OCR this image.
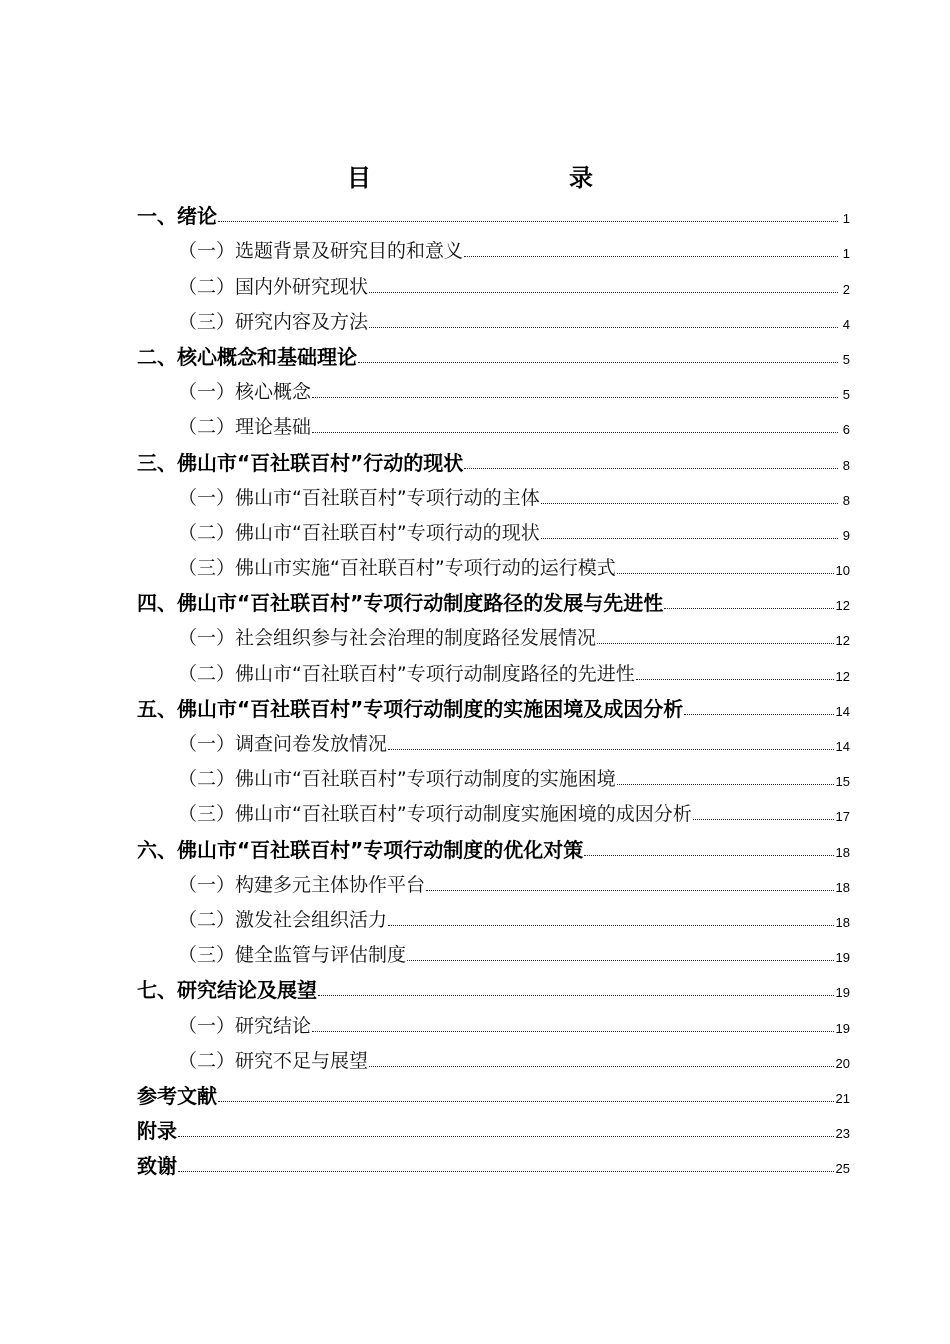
目　　录
一、绪论	1
（一）选题背景及研究目的和意义	1
（二）国内外研究现状	2
（三）研究内容及方法	4
二、核心概念和基础理论	5
（一）核心概念	5
（二）理论基础	6
三、佛山市“百社联百村”行动的现状	8
（一）佛山市“百社联百村”专项行动的主体	8
（二）佛山市“百社联百村”专项行动的现状	9
（三）佛山市实施“百社联百村”专项行动的运行模式	10
四、佛山市“百社联百村”专项行动制度路径的发展与先进性	12
（一）社会组织参与社会治理的制度路径发展情况	12
（二）佛山市“百社联百村”专项行动制度路径的先进性	12
五、佛山市“百社联百村”专项行动制度的实施困境及成因分析	14
（一）调查问卷发放情况	14
（二）佛山市“百社联百村”专项行动制度的实施困境	15
（三）佛山市“百社联百村”专项行动制度实施困境的成因分析	17
六、佛山市“百社联百村”专项行动制度的优化对策	18
（一）构建多元主体协作平台	18
（二）激发社会组织活力	18
（三）健全监管与评估制度	19
七、研究结论及展望	19
（一）研究结论	19
（二）研究不足与展望	20
参考文献	21
附录	23
致谢	25
